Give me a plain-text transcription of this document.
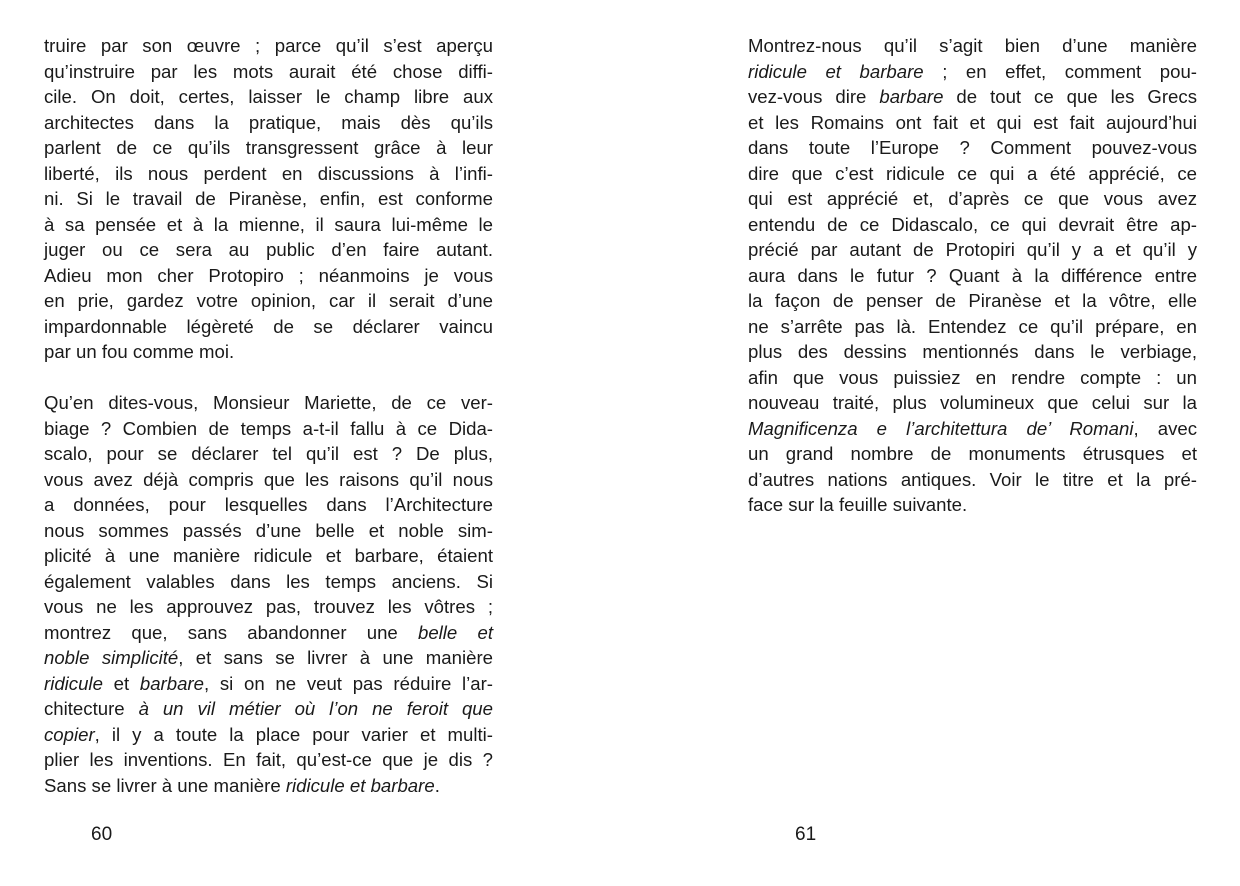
truire par son œuvre ; parce qu’il s’est aperçu
qu’instruire par les mots aurait été chose diffi-
cile. On doit, certes, laisser le champ libre aux
architectes dans la pratique, mais dès qu’ils
parlent de ce qu’ils transgressent grâce à leur
liberté, ils nous perdent en discussions à l’infi-
ni. Si le travail de Piranèse, enfin, est conforme
à sa pensée et à la mienne, il saura lui-même le
juger ou ce sera au public d’en faire autant.
Adieu mon cher Protopiro ; néanmoins je vous
en prie, gardez votre opinion, car il serait d’une
impardonnable légèreté de se déclarer vaincu
par un fou comme moi.
Qu’en dites-vous, Monsieur Mariette, de ce ver-
biage ? Combien de temps a-t-il fallu à ce Dida-
scalo, pour se déclarer tel qu’il est ? De plus,
vous avez déjà compris que les raisons qu’il nous
a données, pour lesquelles dans l’Architecture
nous sommes passés d’une belle et noble sim-
plicité à une manière ridicule et barbare, étaient
également valables dans les temps anciens. Si
vous ne les approuvez pas, trouvez les vôtres ;
montrez que, sans abandonner une belle et
noble simplicité, et sans se livrer à une manière
ridicule et barbare, si on ne veut pas réduire l’ar-
chitecture à un vil métier où l’on ne feroit que
copier, il y a toute la place pour varier et multi-
plier les inventions. En fait, qu’est-ce que je dis ?
Sans se livrer à une manière ridicule et barbare.
Montrez-nous qu’il s’agit bien d’une manière
ridicule et barbare ; en effet, comment pou-
vez-vous dire barbare de tout ce que les Grecs
et les Romains ont fait et qui est fait aujourd’hui
dans toute l’Europe ? Comment pouvez-vous
dire que c’est ridicule ce qui a été apprécié, ce
qui est apprécié et, d’après ce que vous avez
entendu de ce Didascalo, ce qui devrait être ap-
précié par autant de Protopiri qu’il y a et qu’il y
aura dans le futur ? Quant à la différence entre
la façon de penser de Piranèse et la vôtre, elle
ne s’arrête pas là. Entendez ce qu’il prépare, en
plus des dessins mentionnés dans le verbiage,
afin que vous puissiez en rendre compte : un
nouveau traité, plus volumineux que celui sur la
Magnificenza e l’architettura de’ Romani, avec
un grand nombre de monuments étrusques et
d’autres nations antiques. Voir le titre et la pré-
face sur la feuille suivante.
60	61
